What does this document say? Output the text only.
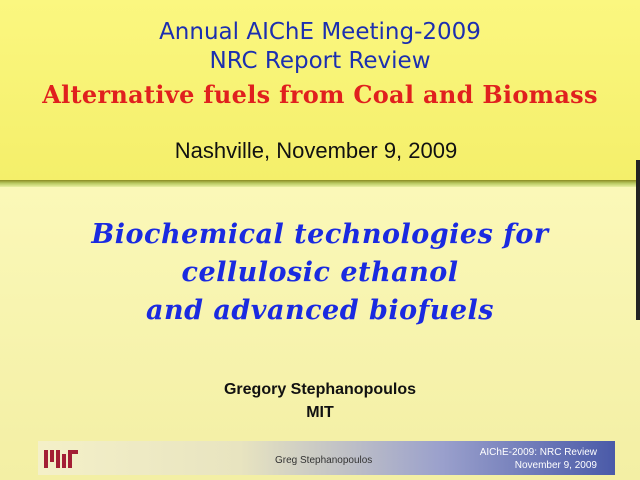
Annual AIChE Meeting-2009
NRC Report Review
Alternative fuels from Coal and Biomass
Nashville, November 9, 2009
Biochemical technologies for
cellulosic ethanol
and advanced biofuels
Gregory Stephanopoulos
MIT
Greg Stephanopoulos
AIChE-2009: NRC Review
November 9, 2009
